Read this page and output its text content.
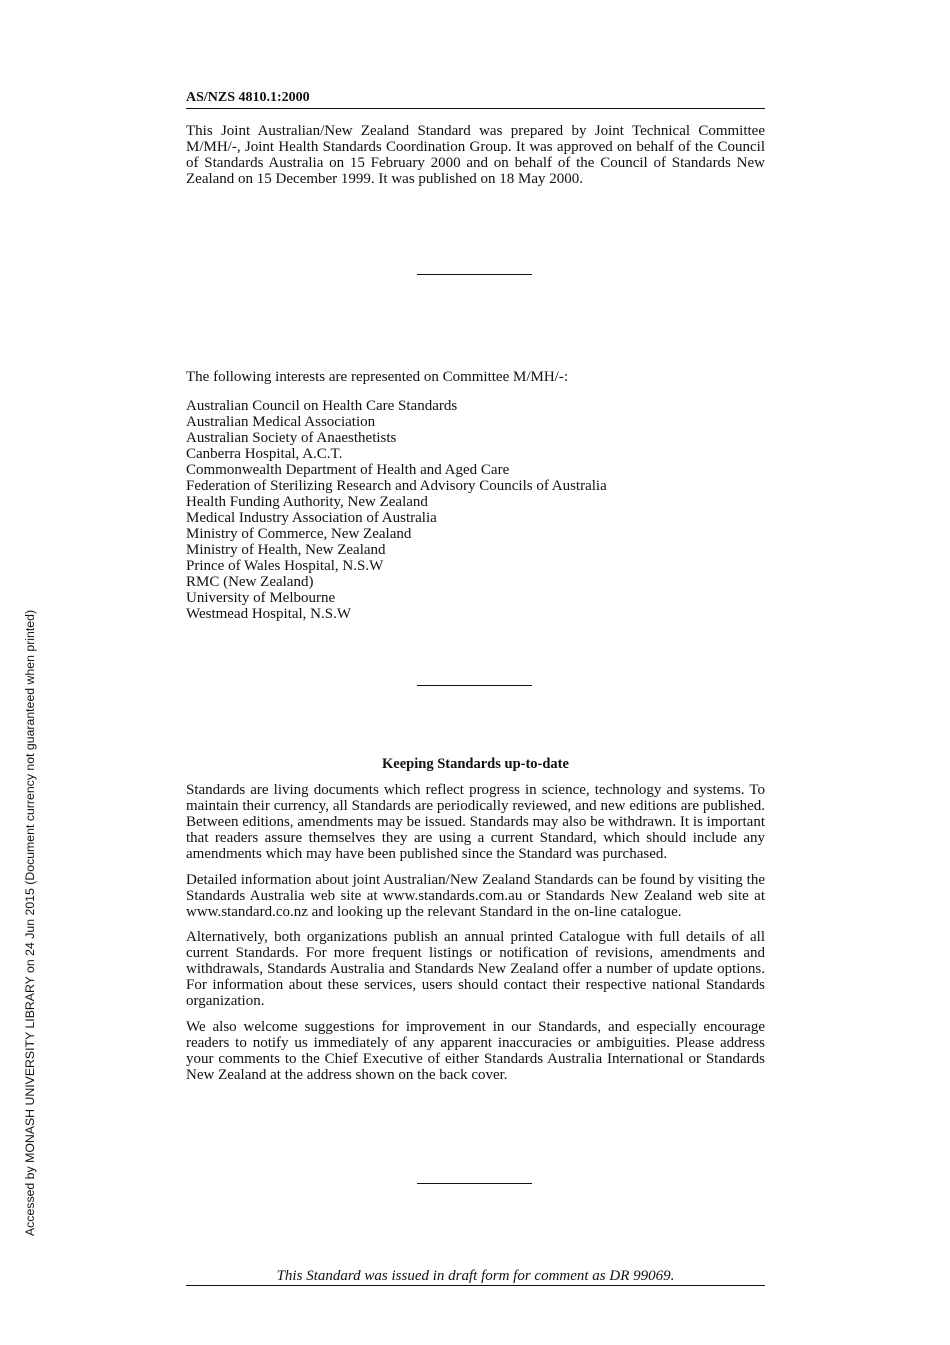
AS/NZS 4810.1:2000

This Joint Australian/New Zealand Standard was prepared by Joint Technical Committee M/MH/-, Joint Health Standards Coordination Group. It was approved on behalf of the Council of Standards Australia on 15 February 2000 and on behalf of the Council of Standards New Zealand on 15 December 1999. It was published on 18 May 2000.

The following interests are represented on Committee M/MH/-:

Australian Council on Health Care Standards
Australian Medical Association
Australian Society of Anaesthetists
Canberra Hospital, A.C.T.
Commonwealth Department of Health and Aged Care
Federation of Sterilizing Research and Advisory Councils of Australia
Health Funding Authority, New Zealand
Medical Industry Association of Australia
Ministry of Commerce, New Zealand
Ministry of Health, New Zealand
Prince of Wales Hospital, N.S.W
RMC (New Zealand)
University of Melbourne
Westmead Hospital, N.S.W
Keeping Standards up-to-date

Standards are living documents which reflect progress in science, technology and systems. To maintain their currency, all Standards are periodically reviewed, and new editions are published. Between editions, amendments may be issued. Standards may also be withdrawn. It is important that readers assure themselves they are using a current Standard, which should include any amendments which may have been published since the Standard was purchased.

Detailed information about joint Australian/New Zealand Standards can be found by visiting the Standards Australia web site at www.standards.com.au or Standards New Zealand web site at www.standard.co.nz and looking up the relevant Standard in the on-line catalogue.

Alternatively, both organizations publish an annual printed Catalogue with full details of all current Standards. For more frequent listings or notification of revisions, amendments and withdrawals, Standards Australia and Standards New Zealand offer a number of update options. For information about these services, users should contact their respective national Standards organization.

We also welcome suggestions for improvement in our Standards, and especially encourage readers to notify us immediately of any apparent inaccuracies or ambiguities. Please address your comments to the Chief Executive of either Standards Australia International or Standards New Zealand at the address shown on the back cover.

This Standard was issued in draft form for comment as DR 99069.

Accessed by MONASH UNIVERSITY LIBRARY on 24 Jun 2015 (Document currency not guaranteed when printed)
